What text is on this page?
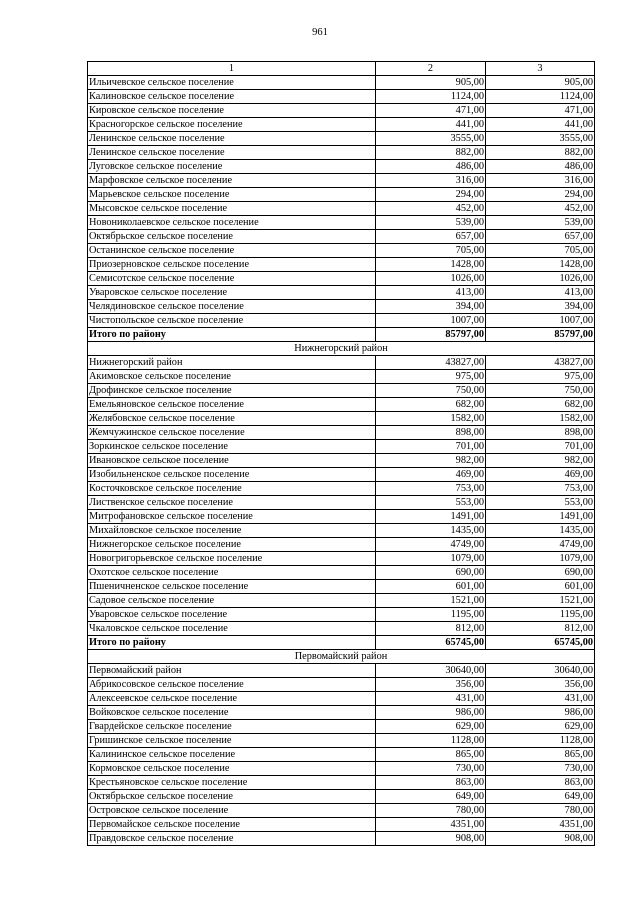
961
1	2	3
Ильичевское сельское поселение	905,00	905,00
Калиновское сельское поселение	1124,00	1124,00
Кировское сельское поселение	471,00	471,00
Красногорское сельское поселение	441,00	441,00
Ленинское сельское поселение	3555,00	3555,00
Ленинское сельское поселение	882,00	882,00
Луговское сельское поселение	486,00	486,00
Марфовское сельское поселение	316,00	316,00
Марьевское сельское поселение	294,00	294,00
Мысовское сельское поселение	452,00	452,00
Новониколаевское сельское поселение	539,00	539,00
Октябрьское сельское поселение	657,00	657,00
Останинское сельское поселение	705,00	705,00
Приозерновское сельское поселение	1428,00	1428,00
Семисотское сельское поселение	1026,00	1026,00
Уваровское сельское поселение	413,00	413,00
Челядиновское сельское поселение	394,00	394,00
Чистопольское сельское поселение	1007,00	1007,00
Итого по району	85797,00	85797,00
Нижнегорский район		
Нижнегорский район	43827,00	43827,00
Акимовское сельское поселение	975,00	975,00
Дрофинское сельское поселение	750,00	750,00
Емельяновское сельское поселение	682,00	682,00
Желябовское сельское поселение	1582,00	1582,00
Жемчужинское сельское поселение	898,00	898,00
Зоркинское сельское поселение	701,00	701,00
Ивановское сельское поселение	982,00	982,00
Изобильненское сельское поселение	469,00	469,00
Косточковское сельское поселение	753,00	753,00
Лиственское сельское поселение	553,00	553,00
Митрофановское сельское поселение	1491,00	1491,00
Михайловское сельское поселение	1435,00	1435,00
Нижнегорское сельское поселение	4749,00	4749,00
Новогригорьевское сельское поселение	1079,00	1079,00
Охотское сельское поселение	690,00	690,00
Пшеничненское сельское поселение	601,00	601,00
Садовое сельское поселение	1521,00	1521,00
Уваровское сельское поселение	1195,00	1195,00
Чкаловское сельское поселение	812,00	812,00
Итого по району	65745,00	65745,00
Первомайский район		
Первомайский район	30640,00	30640,00
Абрикосовское сельское поселение	356,00	356,00
Алексеевское сельское поселение	431,00	431,00
Войковское сельское поселение	986,00	986,00
Гвардейское сельское поселение	629,00	629,00
Гришинское сельское поселение	1128,00	1128,00
Калининское сельское поселение	865,00	865,00
Кормовское сельское поселение	730,00	730,00
Крестьяновское сельское поселение	863,00	863,00
Октябрьское сельское поселение	649,00	649,00
Островское сельское поселение	780,00	780,00
Первомайское сельское поселение	4351,00	4351,00
Правдовское сельское поселение	908,00	908,00
